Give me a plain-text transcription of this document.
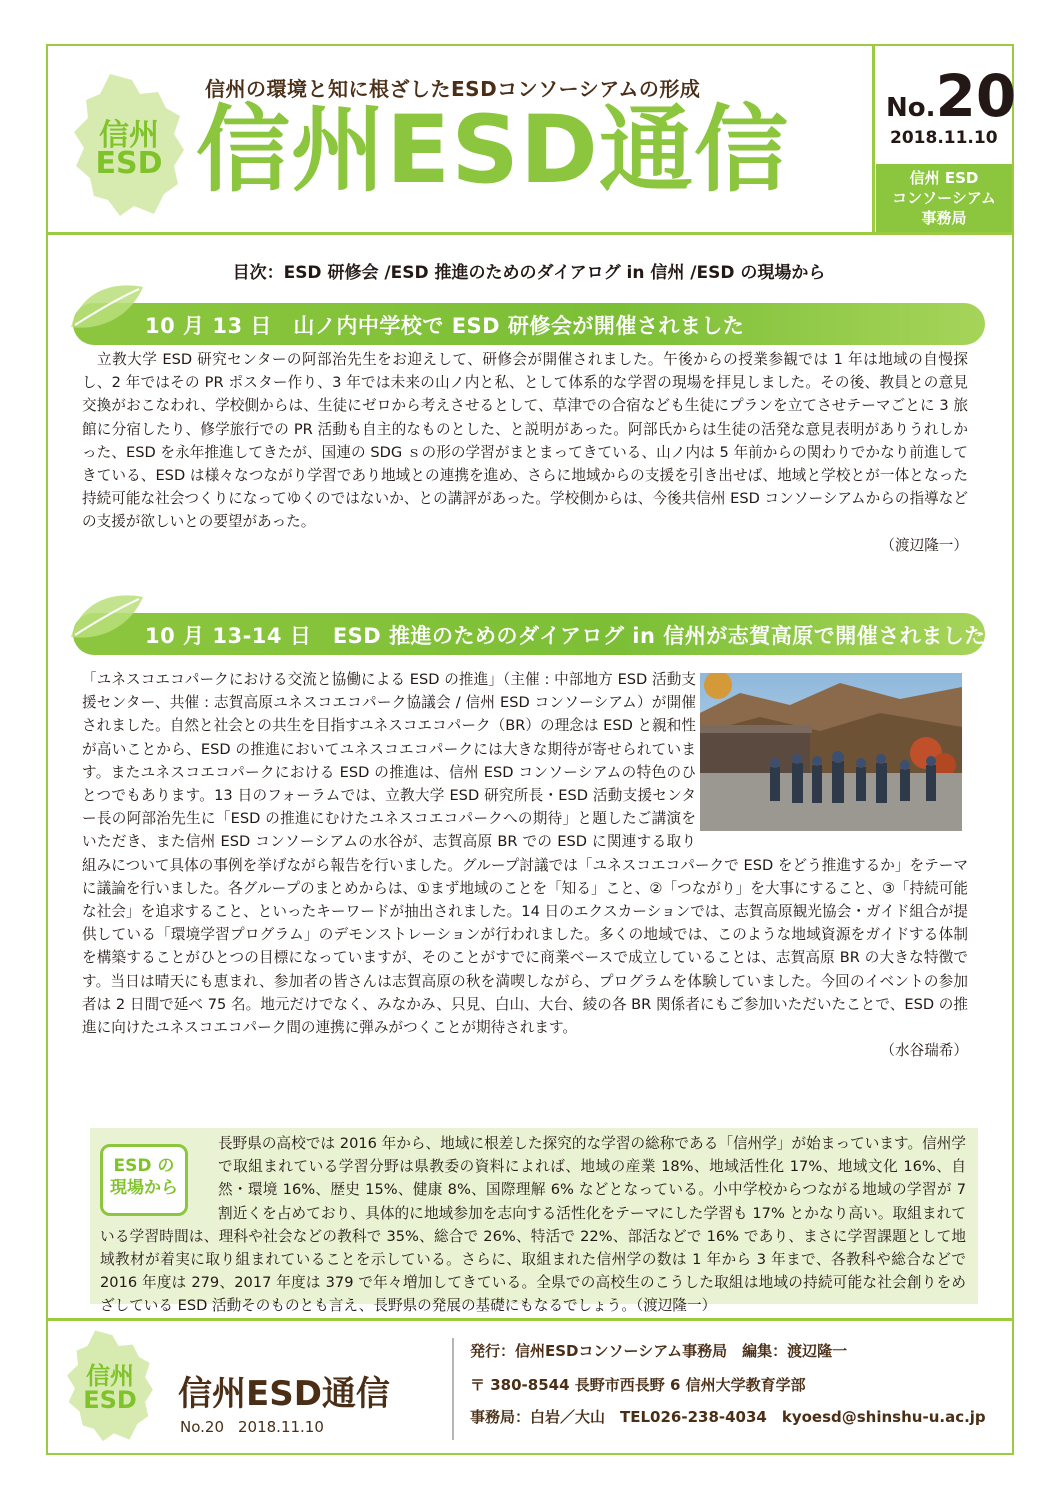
信州
ESD
信州の環境と知に根ざしたESDコンソーシアムの形成
信州ESD通信	No.20
2018.11.10
信州 ESD
コンソーシアム
事務局
目次：ESD 研修会 /ESD 推進のためのダイアログ in 信州 /ESD の現場から
10 月 13 日　山ノ内中学校で ESD 研修会が開催されました
立教大学 ESD 研究センターの阿部治先生をお迎えして、研修会が開催されました。午後からの授業参観では 1 年は地域の自慢探し、2 年ではその PR ポスター作り、3 年では未来の山ノ内と私、として体系的な学習の現場を拝見しました。その後、教員との意見交換がおこなわれ、学校側からは、生徒にゼロから考えさせるとして、草津での合宿なども生徒にプランを立てさせテーマごとに 3 旅館に分宿したり、修学旅行での PR 活動も自主的なものとした、と説明があった。阿部氏からは生徒の活発な意見表明がありうれしかった、ESD を永年推進してきたが、国連の SDG ｓの形の学習がまとまってきている、山ノ内は 5 年前からの関わりでかなり前進してきている、ESD は様々なつながり学習であり地域との連携を進め、さらに地域からの支援を引き出せば、地域と学校とが一体となった持続可能な社会つくりになってゆくのではないか、との講評があった。学校側からは、今後共信州 ESD コンソーシアムからの指導などの支援が欲しいとの要望があった。
（渡辺隆一）
10 月 13-14 日　ESD 推進のためのダイアログ in 信州が志賀高原で開催されました
「ユネスコエコパークにおける交流と協働による ESD の推進」（主催 : 中部地方 ESD 活動支援センター、共催 : 志賀高原ユネスコエコパーク協議会 / 信州 ESD コンソーシアム）が開催されました。自然と社会との共生を目指すユネスコエコパーク（BR）の理念は ESD と親和性が高いことから、ESD の推進においてユネスコエコパークには大きな期待が寄せられています。またユネスコエコパークにおける ESD の推進は、信州 ESD コンソーシアムの特色のひとつでもあります。13 日のフォーラムでは、立教大学 ESD 研究所長・ESD 活動支援センター長の阿部治先生に「ESD の推進にむけたユネスコエコパークへの期待」と題したご講演をいただき、また信州 ESD コンソーシアムの水谷が、志賀高原 BR での ESD に関連する取り組みについて具体の事例を挙げながら報告を行いました。グループ討議では「ユネスコエコパークで ESD をどう推進するか」をテーマに議論を行いました。各グループのまとめからは、①まず地域のことを「知る」こと、②「つながり」を大事にすること、③「持続可能な社会」を追求すること、といったキーワードが抽出されました。14 日のエクスカーションでは、志賀高原観光協会・ガイド組合が提供している「環境学習プログラム」のデモンストレーションが行われました。多くの地域では、このような地域資源をガイドする体制を構築することがひとつの目標になっていますが、そのことがすでに商業ベースで成立していることは、志賀高原 BR の大きな特徴です。当日は晴天にも恵まれ、参加者の皆さんは志賀高原の秋を満喫しながら、プログラムを体験していました。今回のイベントの参加者は 2 日間で延べ 75 名。地元だけでなく、みなかみ、只見、白山、大台、綾の各 BR 関係者にもご参加いただいたことで、ESD の推進に向けたユネスコエコパーク間の連携に弾みがつくことが期待されます。
（水谷瑞希）
長野県の高校では 2016 年から、地域に根差した探究的な学習の総称である「信州学」が始まっています。信州学で取組まれている学習分野は県教委の資料によれば、地域の産業 18%、地域活性化 17%、地域文化 16%、自然・環境 16%、歴史 15%、健康 8%、国際理解 6% などとなっている。小中学校からつながる地域の学習が 7 割近くを占めており、具体的に地域参加を志向する活性化をテーマにした学習も 17% とかなり高い。取組まれている学習時間は、理科や社会などの教科で 35%、総合で 26%、特活で 22%、部活などで 16% であり、まさに学習課題として地域教材が着実に取り組まれていることを示している。さらに、取組まれた信州学の数は 1 年から 3 年まで、各教科や総合などで 2016 年度は 279、2017 年度は 379 で年々増加してきている。全県での高校生のこうした取組は地域の持続可能な社会創りをめざしている ESD 活動そのものとも言え、長野県の発展の基礎にもなるでしょう。（渡辺隆一）
ESD の
現場から
信州
ESD	信州ESD通信
No.20 2018.11.10
発行：信州ESDコンソーシアム事務局　編集：渡辺隆一
〒 380-8544 長野市西長野 6 信州大学教育学部
事務局：白岩／大山　TEL026-238-4034　kyoesd@shinshu-u.ac.jp
